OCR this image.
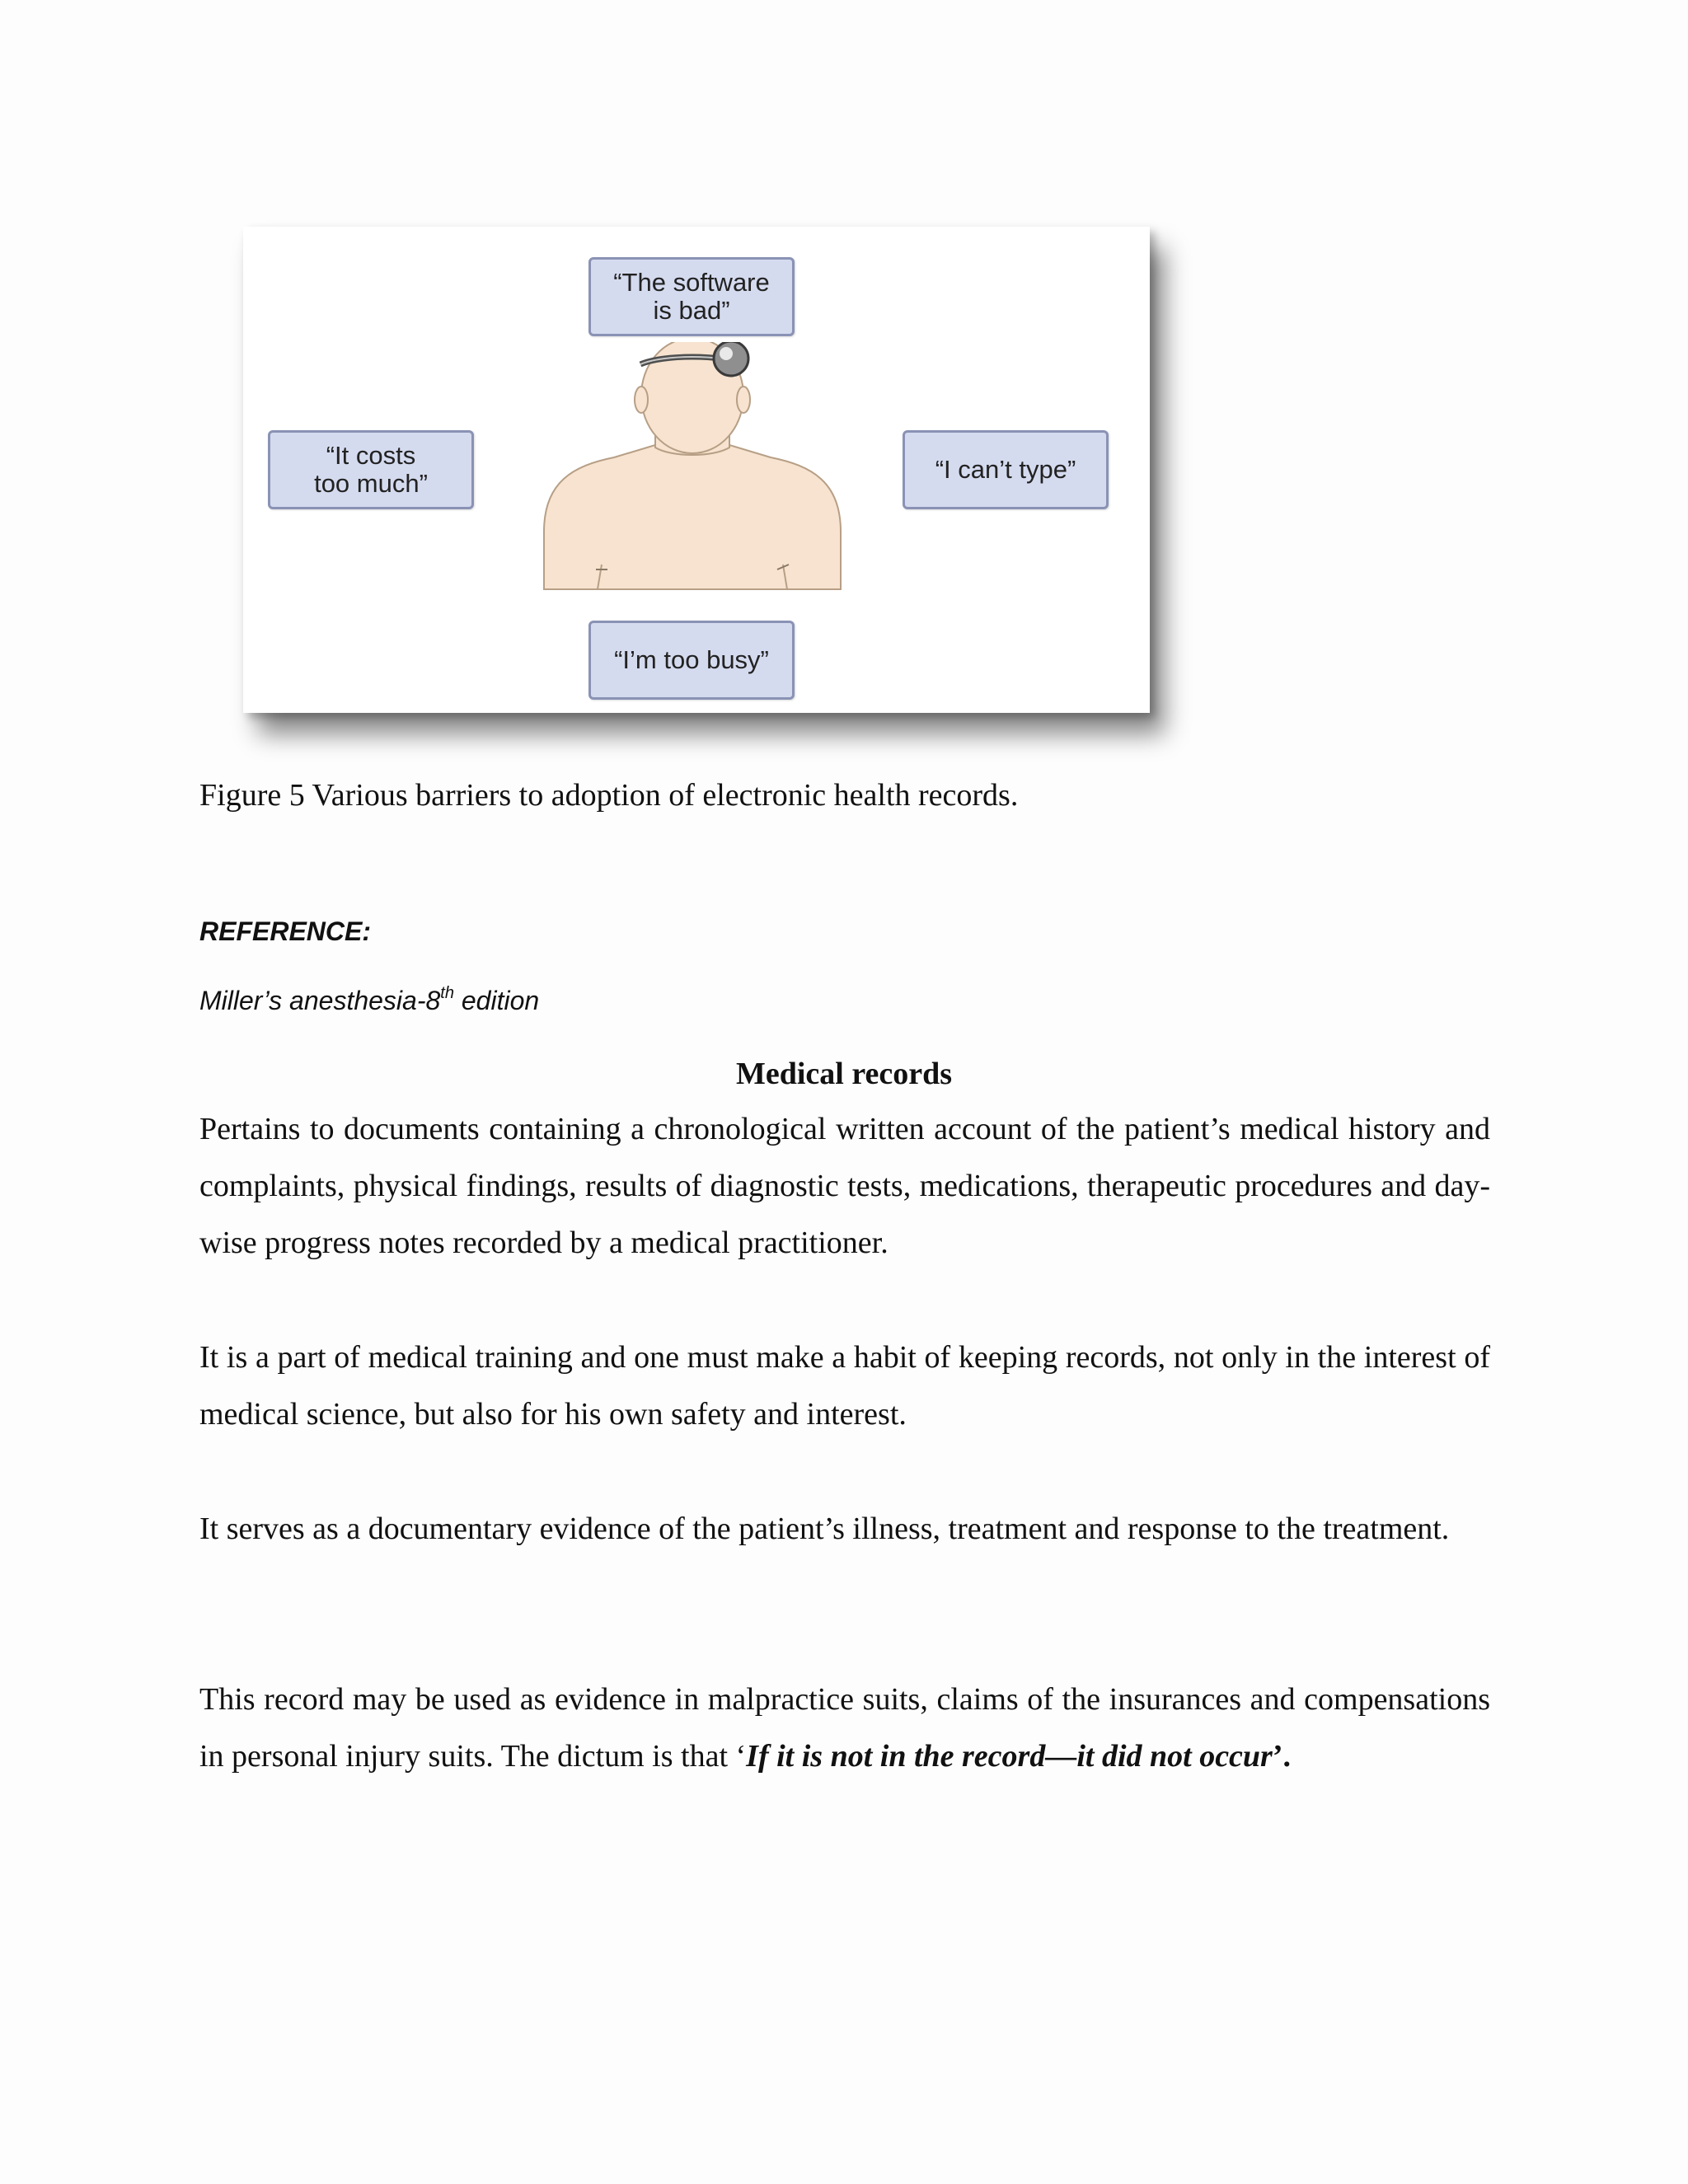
“The software
is bad”
“It costs
too much”	“I can’t type”
“I’m too busy”
Figure 5 Various barriers to adoption of electronic health records.
REFERENCE:
Miller’s anesthesia-8th edition
Medical records
Pertains to documents containing a chronological written account of the patient’s medical history and complaints, physical findings, results of diagnostic tests, medications, therapeutic procedures and day-wise progress notes recorded by a medical practitioner.
It is a part of medical training and one must make a habit of keeping records, not only in the interest of medical science, but also for his own safety and interest.
It serves as a documentary evidence of the patient’s illness, treatment and response to the treatment.
This record may be used as evidence in malpractice suits, claims of the insurances and compensations in personal injury suits. The dictum is that ‘If it is not in the record—it did not occur’.
